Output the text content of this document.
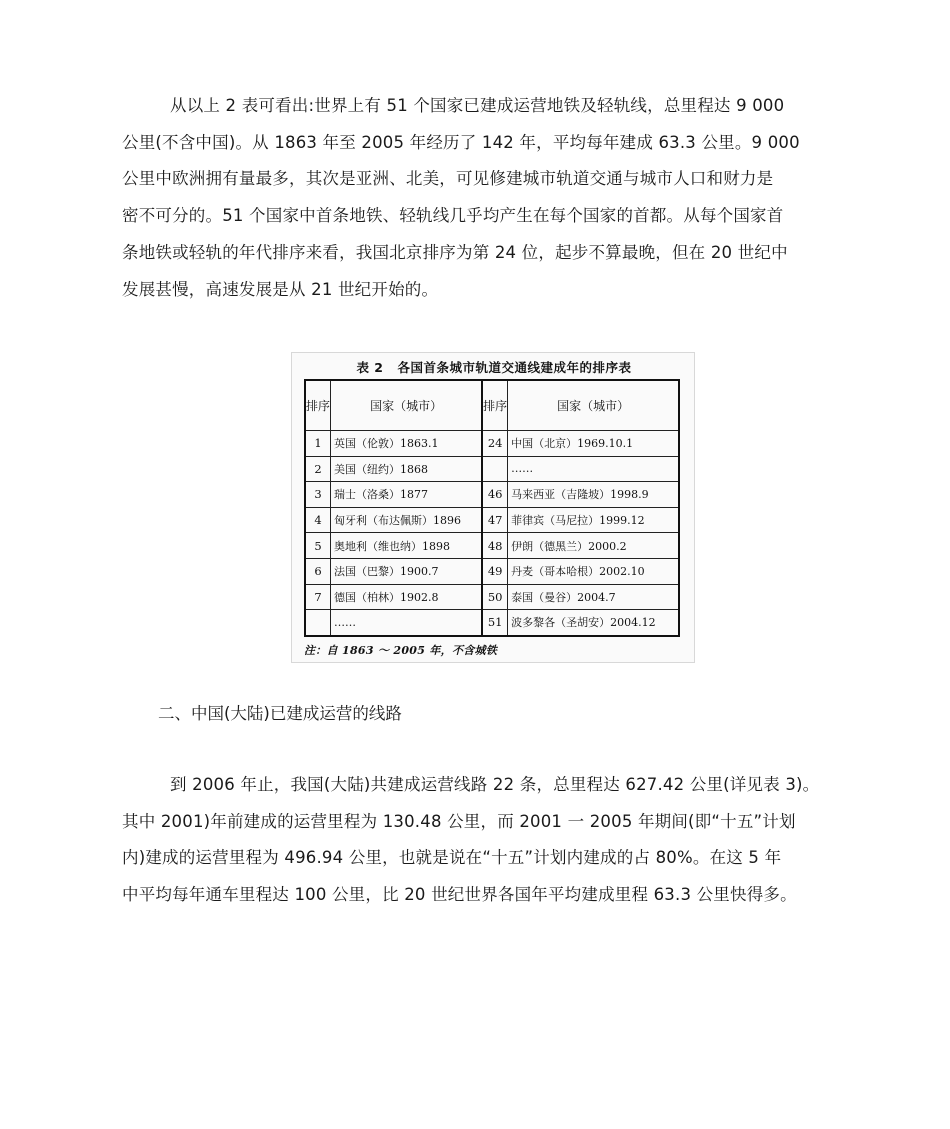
从以上 2 表可看出:世界上有 51 个国家已建成运营地铁及轻轨线，总里程达 9 000
公里(不含中国)。从 1863 年至 2005 年经历了 142 年，平均每年建成 63.3 公里。9 000
公里中欧洲拥有量最多，其次是亚洲、北美，可见修建城市轨道交通与城市人口和财力是
密不可分的。51 个国家中首条地铁、轻轨线几乎均产生在每个国家的首都。从每个国家首
条地铁或轻轨的年代排序来看，我国北京排序为第 24 位，起步不算最晚，但在 20 世纪中
发展甚慢，高速发展是从 21 世纪开始的。
表 2 各国首条城市轨道交通线建成年的排序表
排序	国家（城市）	排序	国家（城市）
1	英国（伦敦）1863.1	24	中国（北京）1969.10.1
2	美国（纽约）1868		……
3	瑞士（洛桑）1877	46	马来西亚（吉隆坡）1998.9
4	匈牙利（布达佩斯）1896	47	菲律宾（马尼拉）1999.12
5	奥地利（维也纳）1898	48	伊朗（德黑兰）2000.2
6	法国（巴黎）1900.7	49	丹麦（哥本哈根）2002.10
7	德国（柏林）1902.8	50	泰国（曼谷）2004.7
	……	51	波多黎各（圣胡安）2004.12
注：自 1863 ～ 2005 年，不含城铁
二、中国(大陆)已建成运营的线路
到 2006 年止，我国(大陆)共建成运营线路 22 条，总里程达 627.42 公里(详见表 3)。
其中 2001)年前建成的运营里程为 130.48 公里，而 2001 一 2005 年期间(即“十五”计划
内)建成的运营里程为 496.94 公里，也就是说在“十五”计划内建成的占 80%。在这 5 年
中平均每年通车里程达 100 公里，比 20 世纪世界各国年平均建成里程 63.3 公里快得多。
